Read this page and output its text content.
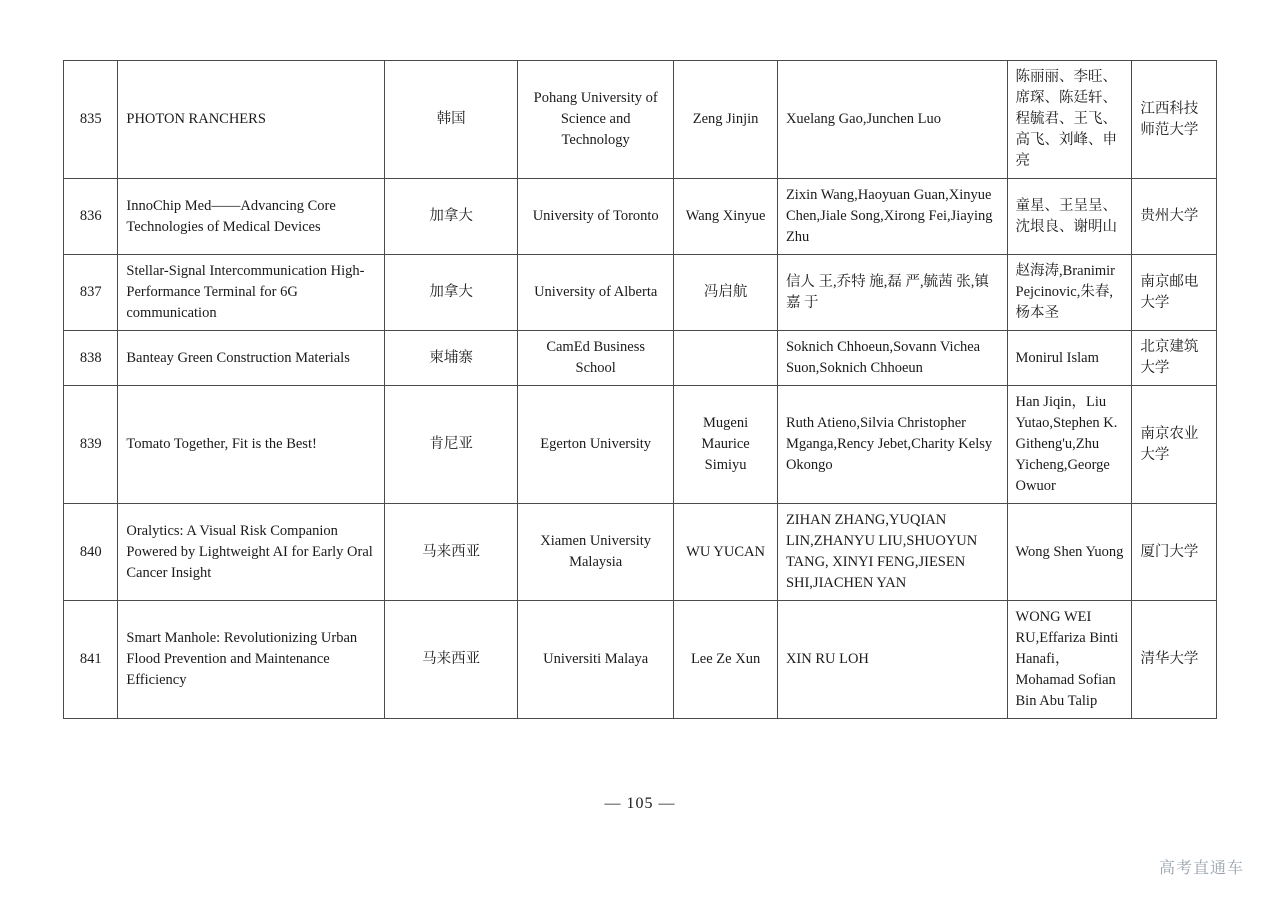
835	PHOTON RANCHERS	韩国	Pohang University of Science and Technology	Zeng Jinjin	Xuelang Gao,Junchen Luo	陈丽丽、李旺、席琛、陈廷轩、程毓君、王飞、高飞、刘峰、申亮	江西科技师范大学
836	InnoChip Med——Advancing Core Technologies of Medical Devices	加拿大	University of Toronto	Wang Xinyue	Zixin Wang,Haoyuan Guan,Xinyue Chen,Jiale Song,Xirong Fei,Jiaying Zhu	童星、王呈呈、沈垠良、谢明山	贵州大学
837	Stellar-Signal Intercommunication High-Performance Terminal for 6G communication	加拿大	University of Alberta	冯启航	信人 王,乔特 施,磊 严,毓茜 张,镇嘉 于	赵海涛,Branimir Pejcinovic,朱春,杨本圣	南京邮电大学
838	Banteay Green Construction Materials	柬埔寨	CamEd Business School		Soknich Chhoeun,Sovann Vichea Suon,Soknich Chhoeun	Monirul Islam	北京建筑大学
839	Tomato Together, Fit is the Best!	肯尼亚	Egerton University	Mugeni Maurice Simiyu	Ruth Atieno,Silvia Christopher Mganga,Rency Jebet,Charity Kelsy Okongo	Han Jiqin，Liu Yutao,Stephen K. Githeng'u,Zhu Yicheng,George Owuor	南京农业大学
840	Oralytics: A Visual Risk Companion Powered by Lightweight AI for Early Oral Cancer Insight	马来西亚	Xiamen University Malaysia	WU YUCAN	ZIHAN ZHANG,YUQIAN LIN,ZHANYU LIU,SHUOYUN TANG, XINYI FENG,JIESEN SHI,JIACHEN YAN	Wong Shen Yuong	厦门大学
841	Smart Manhole: Revolutionizing Urban Flood Prevention and Maintenance Efficiency	马来西亚	Universiti Malaya	Lee Ze Xun	XIN RU LOH	WONG WEI RU,Effariza Binti Hanafi，Mohamad Sofian Bin Abu Talip	清华大学
— 105 —
高考直通车
